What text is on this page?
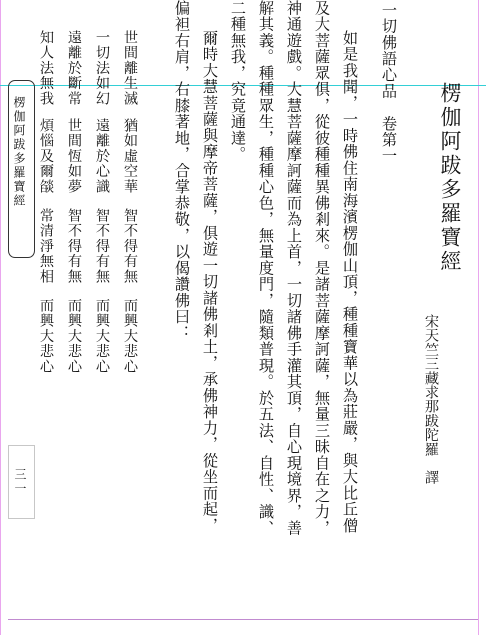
楞伽阿跋多羅寶經
宋天竺三藏求那跋陀羅　譯
一切佛語心品　卷第一
如是我聞，一時佛住南海濱楞伽山頂，種種寶華以為莊嚴，與大比丘僧
及大菩薩眾俱，從彼種種異佛剎來。是諸菩薩摩訶薩，無量三昧自在之力，
神通遊戲。大慧菩薩摩訶薩而為上首，一切諸佛手灌其頂，自心現境界，善
解其義。種種眾生，種種心色，無量度門，隨類普現。於五法、自性、識、
二種無我，究竟通達。
爾時大慧菩薩與摩帝菩薩，俱遊一切諸佛剎土，承佛神力，從坐而起，
偏袒右肩，右膝著地，合掌恭敬，以偈讚佛曰：
世間離生滅
猶如虛空華
智不得有無
而興大悲心
一切法如幻
遠離於心識
智不得有無
而興大悲心
遠離於斷常
世間恆如夢
智不得有無
而興大悲心
知人法無我
煩惱及爾燄
常清淨無相
而興大悲心
楞伽阿跋多羅寶經
三一
